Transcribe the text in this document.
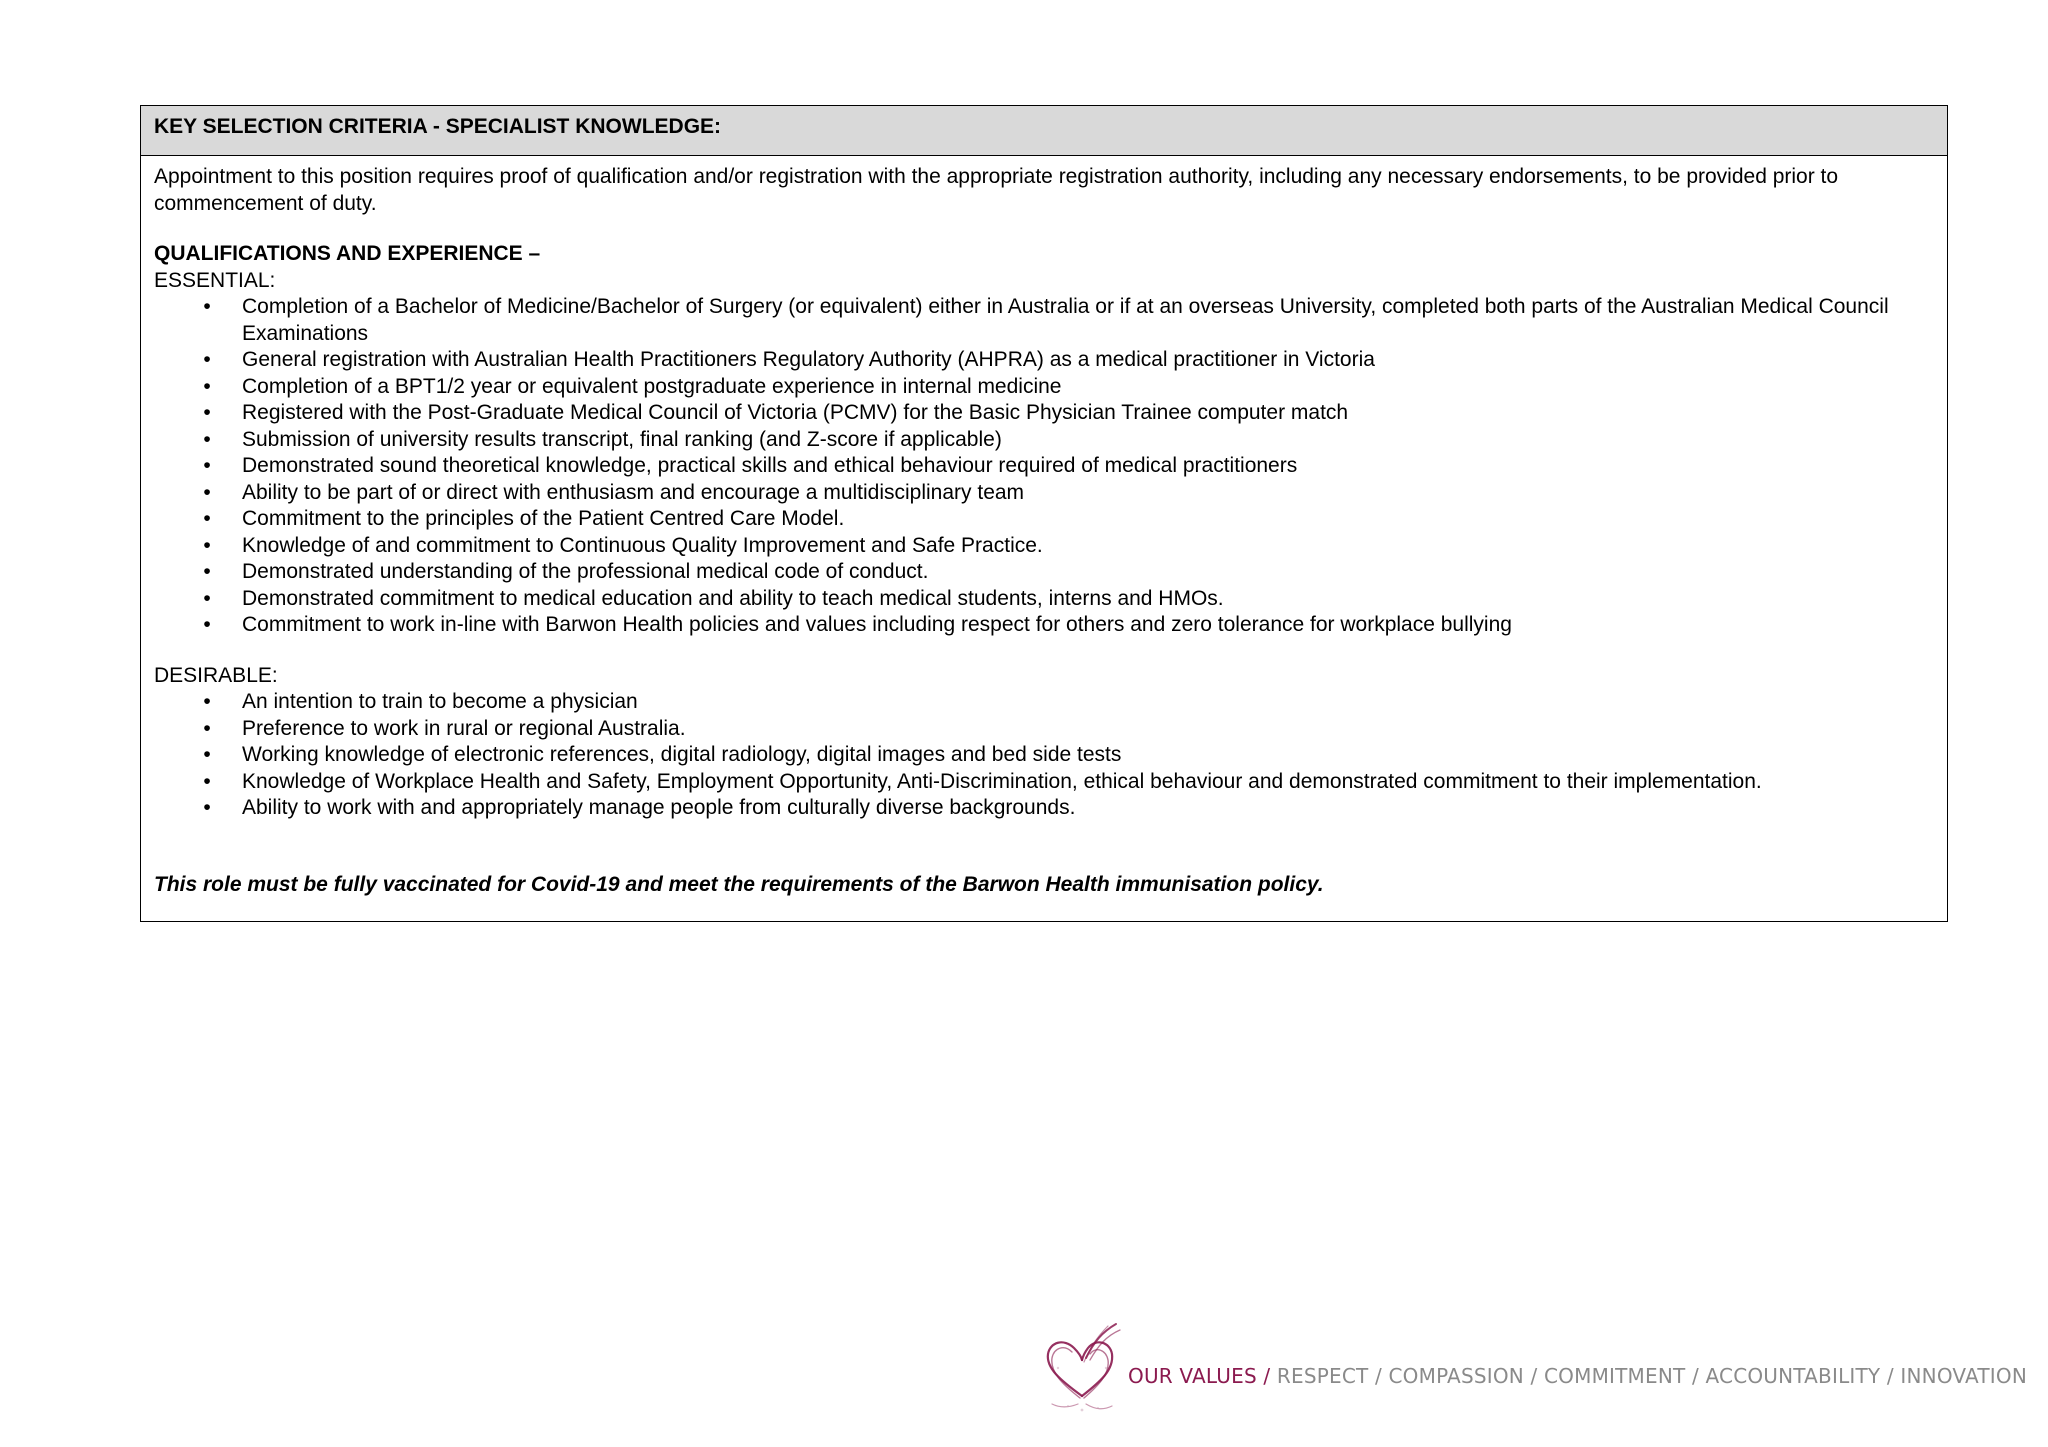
KEY SELECTION CRITERIA - SPECIALIST KNOWLEDGE:

Appointment to this position requires proof of qualification and/or registration with the appropriate registration authority, including any necessary endorsements, to be provided prior to commencement of duty.

QUALIFICATIONS AND EXPERIENCE –

ESSENTIAL:

•	Completion of a Bachelor of Medicine/Bachelor of Surgery (or equivalent) either in Australia or if at an overseas University, completed both parts of the Australian Medical Council Examinations
•	General registration with Australian Health Practitioners Regulatory Authority (AHPRA) as a medical practitioner in Victoria
•	Completion of a BPT1/2 year or equivalent postgraduate experience in internal medicine
•	Registered with the Post-Graduate Medical Council of Victoria (PCMV) for the Basic Physician Trainee computer match
•	Submission of university results transcript, final ranking (and Z-score if applicable)
•	Demonstrated sound theoretical knowledge, practical skills and ethical behaviour required of medical practitioners
•	Ability to be part of or direct with enthusiasm and encourage a multidisciplinary team
•	Commitment to the principles of the Patient Centred Care Model.
•	Knowledge of and commitment to Continuous Quality Improvement and Safe Practice.
•	Demonstrated understanding of the professional medical code of conduct.
•	Demonstrated commitment to medical education and ability to teach medical students, interns and HMOs.
•	Commitment to work in-line with Barwon Health policies and values including respect for others and zero tolerance for workplace bullying

DESIRABLE:

•	An intention to train to become a physician
•	Preference to work in rural or regional Australia.
•	Working knowledge of electronic references, digital radiology, digital images and bed side tests
•	Knowledge of Workplace Health and Safety, Employment Opportunity, Anti-Discrimination, ethical behaviour and demonstrated commitment to their implementation.
•	Ability to work with and appropriately manage people from culturally diverse backgrounds.

This role must be fully vaccinated for Covid-19 and meet the requirements of the Barwon Health immunisation policy.

OUR VALUES / RESPECT / COMPASSION / COMMITMENT / ACCOUNTABILITY / INNOVATION
